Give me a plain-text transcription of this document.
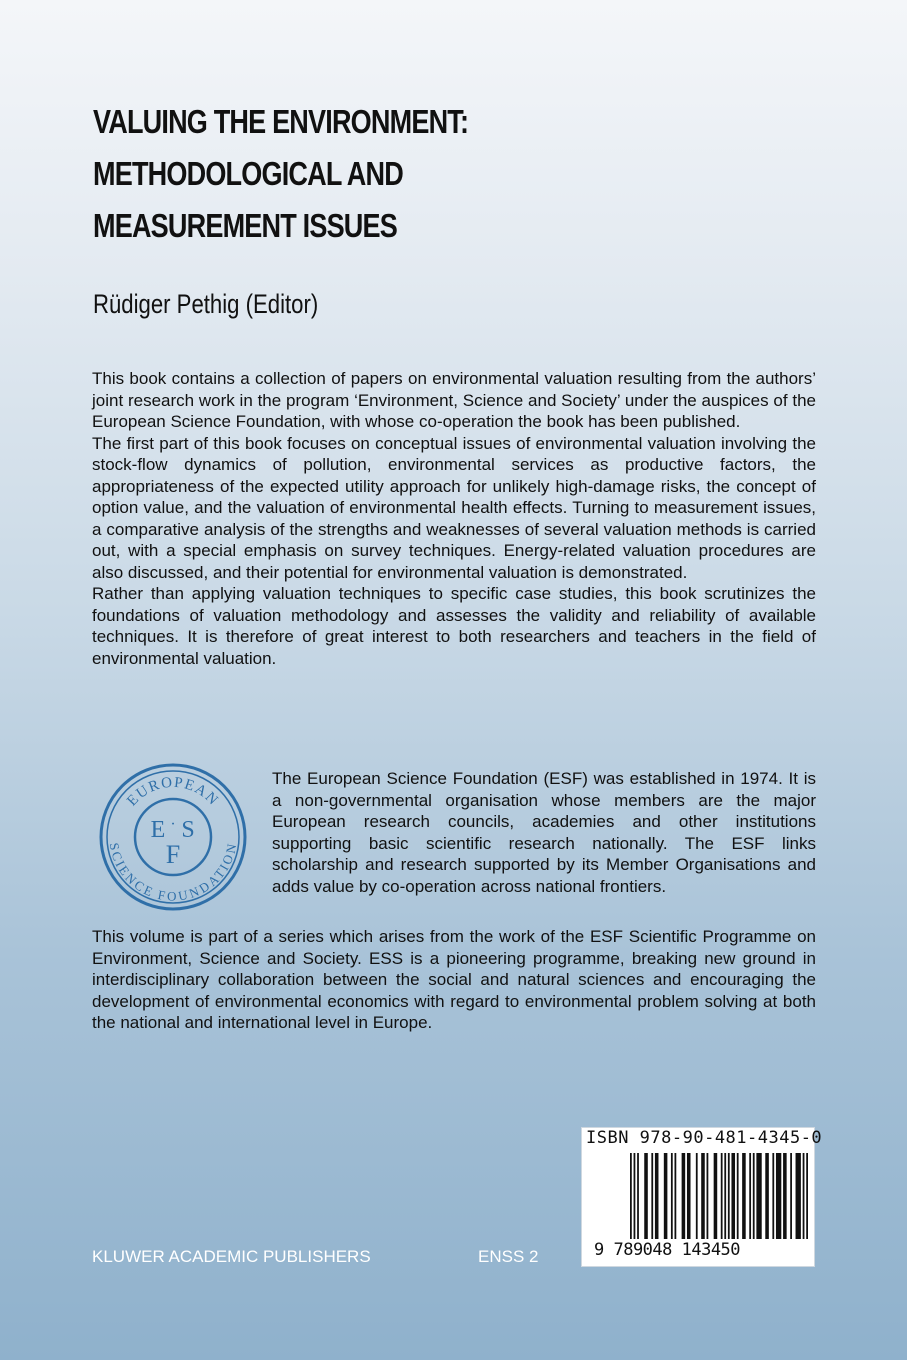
VALUING THE ENVIRONMENT:
METHODOLOGICAL AND
MEASUREMENT ISSUES
Rüdiger Pethig (Editor)

This book contains a collection of papers on environmental valuation resulting from the authors’ joint research work in the program ‘Environment, Science and Society’ under the auspices of the European Science Foundation, with whose co-operation the book has been published.

The first part of this book focuses on conceptual issues of environmental valuation involving the stock-flow dynamics of pollution, environmental services as productive factors, the appropriateness of the expected utility approach for unlikely high-damage risks, the concept of option value, and the valuation of environmental health effects. Turning to measurement issues, a comparative analysis of the strengths and weaknesses of several valuation methods is carried out, with a special emphasis on survey techniques. Energy-related valuation procedures are also discussed, and their potential for environmental valuation is demonstrated.

Rather than applying valuation techniques to specific case studies, this book scrutinizes the foundations of valuation methodology and assesses the validity and reliability of available techniques. It is therefore of great interest to both researchers and teachers in the field of environmental valuation.

EUROPEAN
SCIENCE FOUNDATION
E · S
F
The European Science Foundation (ESF) was established in 1974. It is a non-governmental organisation whose members are the major European research councils, academies and other institutions supporting basic scientific research nationally. The ESF links scholarship and research supported by its Member Organisations and adds value by co-operation across national frontiers.
This volume is part of a series which arises from the work of the ESF Scientific Programme on Environment, Science and Society. ESS is a pioneering programme, breaking new ground in interdisciplinary collaboration between the social and natural sciences and encouraging the development of environmental economics with regard to environmental problem solving at both the national and international level in Europe.
ISBN 978-90-481-4345-0
9 789048 143450
KLUWER ACADEMIC PUBLISHERS	ENSS 2
